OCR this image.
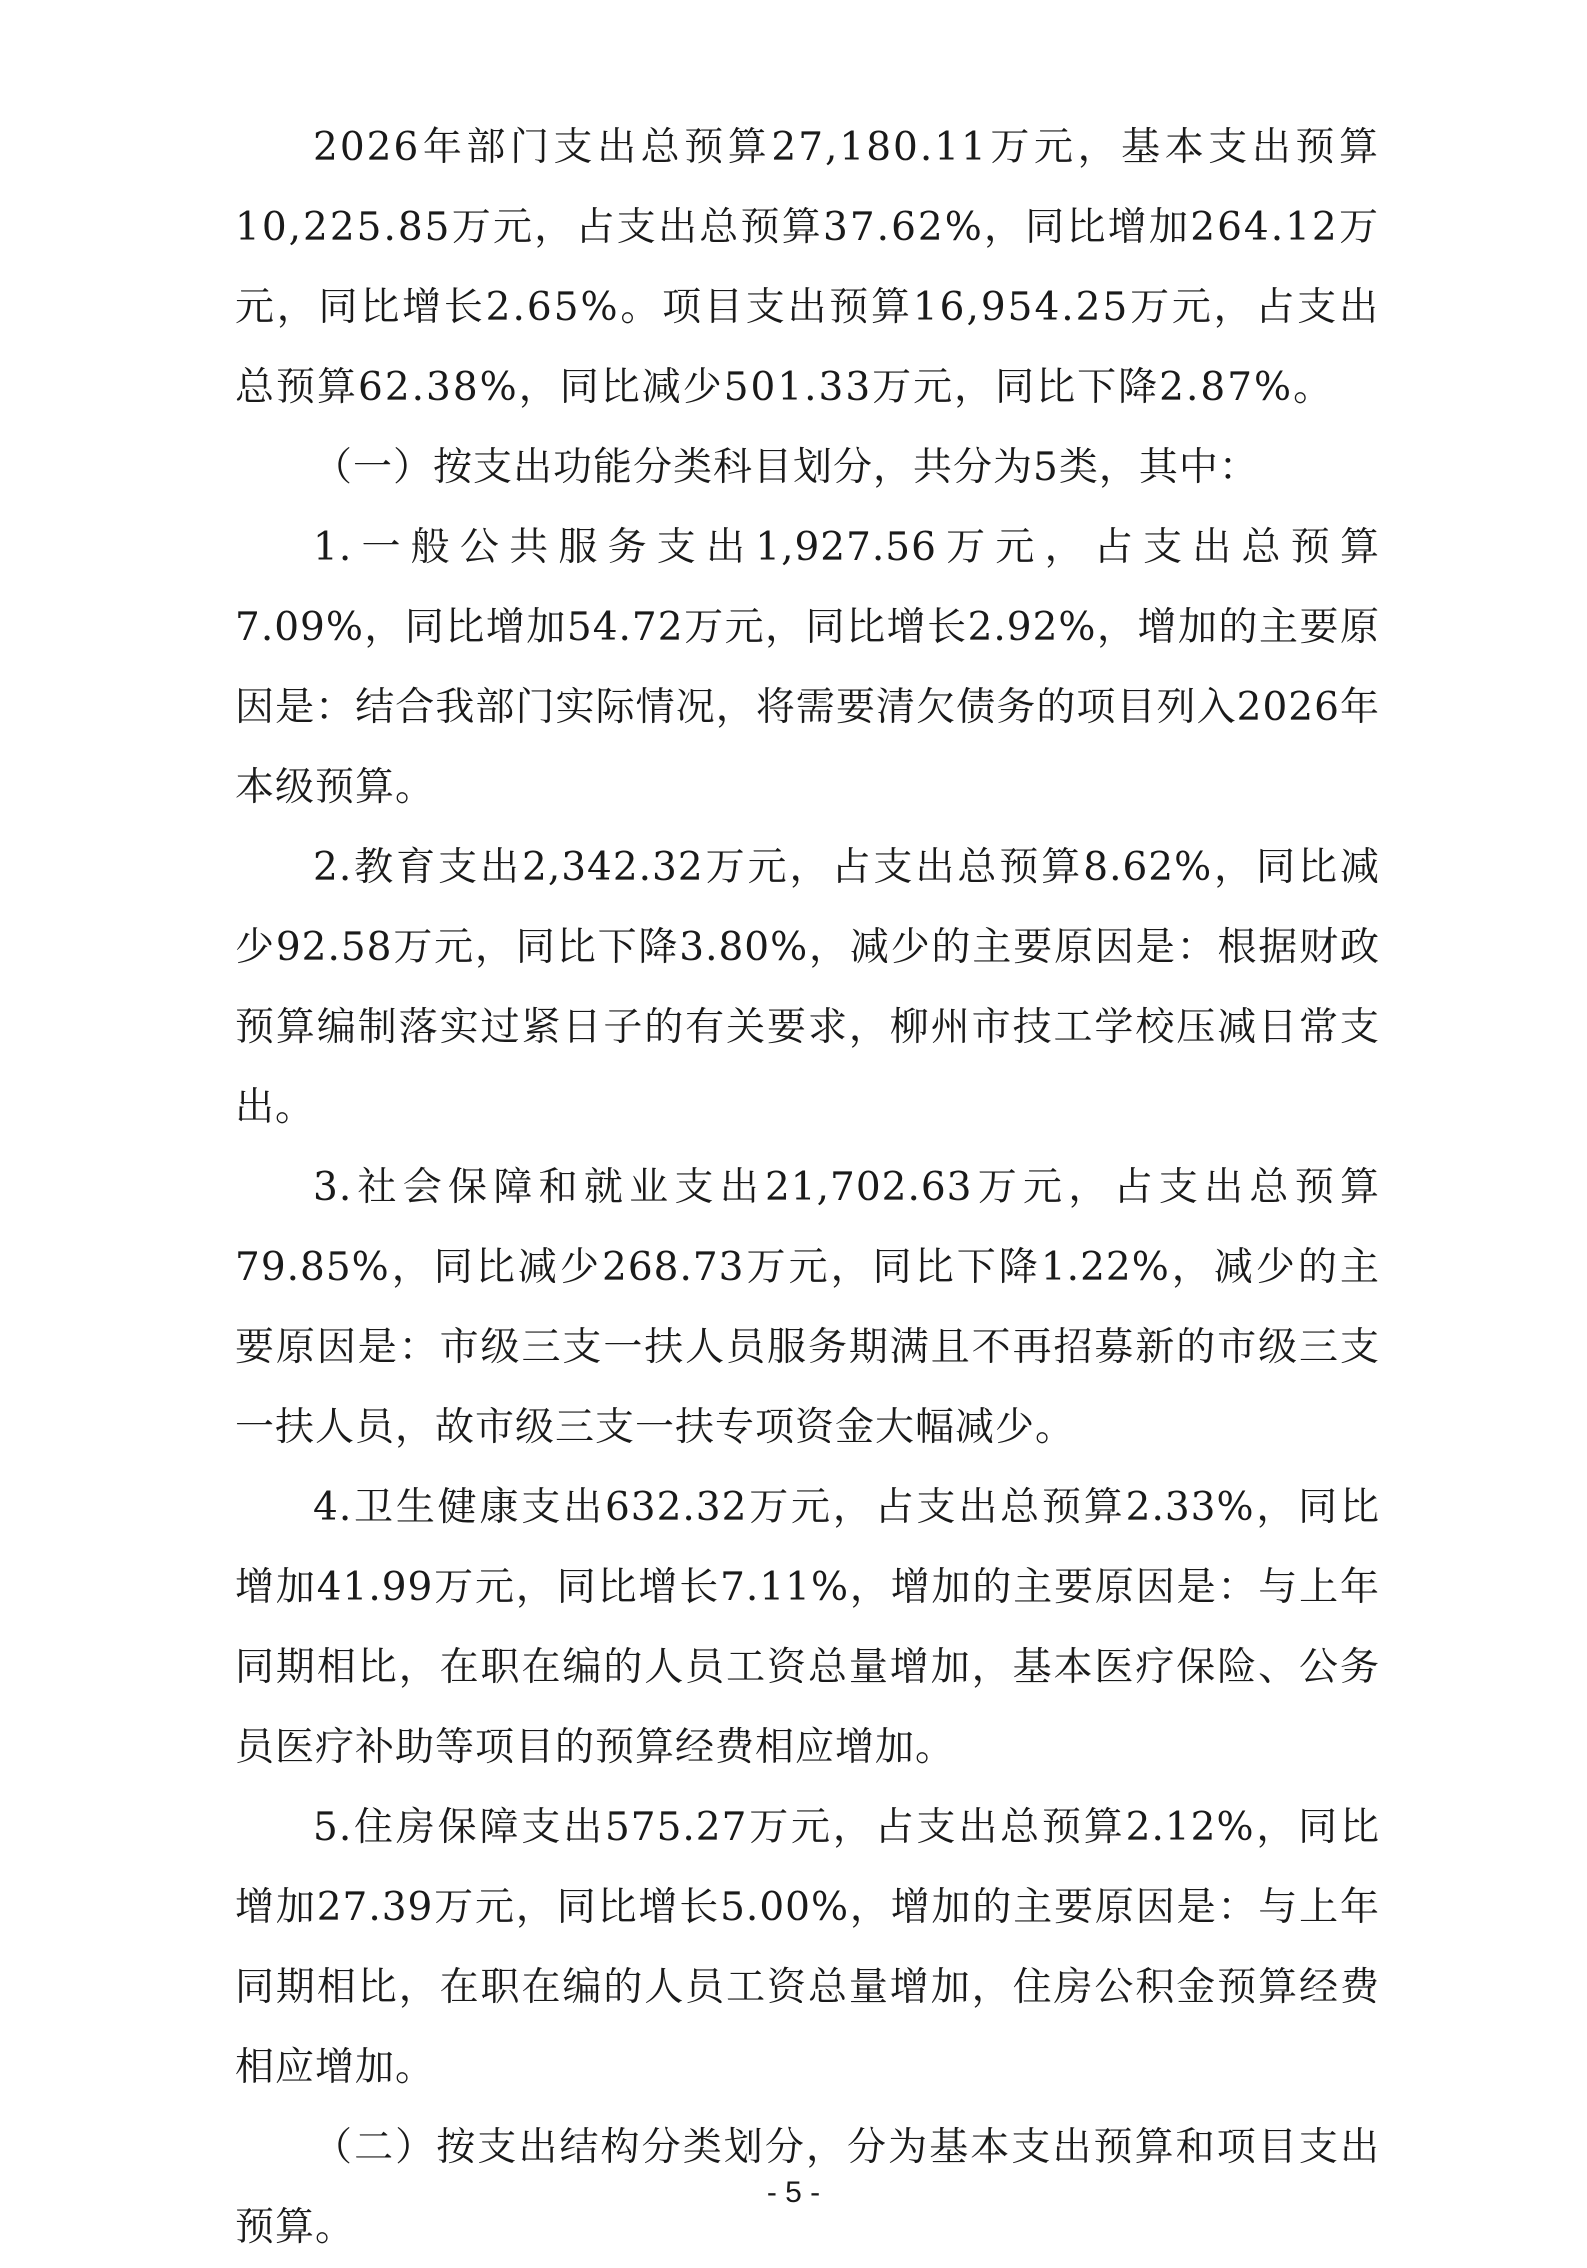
2026年部门支出总预算27,180.11万元，基本支出预算10,225.85万元，占支出总预算37.62%，同比增加264.12万元，同比增长2.65%。项目支出预算16,954.25万元，占支出总预算62.38%，同比减少501.33万元，同比下降2.87%。

（一）按支出功能分类科目划分，共分为5类，其中：

1.一般公共服务支出1,927.56万元，占支出总预算7.09%，同比增加54.72万元，同比增长2.92%，增加的主要原因是：结合我部门实际情况，将需要清欠债务的项目列入2026年本级预算。

2.教育支出2,342.32万元，占支出总预算8.62%，同比减少92.58万元，同比下降3.80%，减少的主要原因是：根据财政预算编制落实过紧日子的有关要求，柳州市技工学校压减日常支出。

3.社会保障和就业支出21,702.63万元，占支出总预算79.85%，同比减少268.73万元，同比下降1.22%，减少的主要原因是：市级三支一扶人员服务期满且不再招募新的市级三支一扶人员，故市级三支一扶专项资金大幅减少。

4.卫生健康支出632.32万元，占支出总预算2.33%，同比增加41.99万元，同比增长7.11%，增加的主要原因是：与上年同期相比，在职在编的人员工资总量增加，基本医疗保险、公务员医疗补助等项目的预算经费相应增加。

5.住房保障支出575.27万元，占支出总预算2.12%，同比增加27.39万元，同比增长5.00%，增加的主要原因是：与上年同期相比，在职在编的人员工资总量增加，住房公积金预算经费相应增加。

（二）按支出结构分类划分，分为基本支出预算和项目支出预算。

- 5 -
